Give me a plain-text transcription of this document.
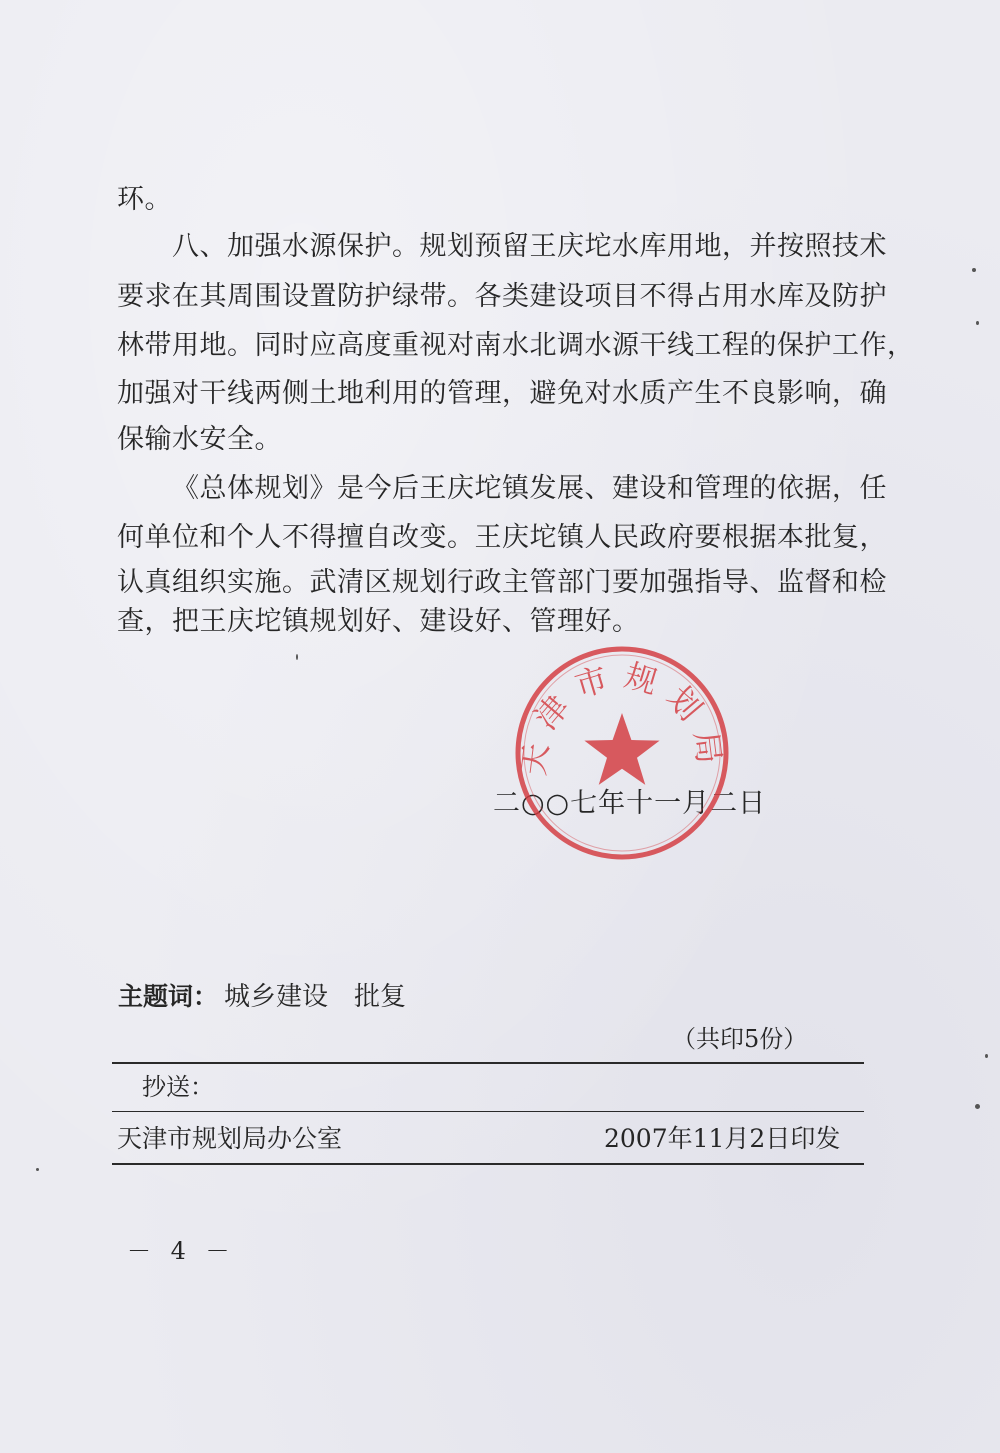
环。
八、加强水源保护。规划预留王庆坨水库用地，并按照技术
要求在其周围设置防护绿带。各类建设项目不得占用水库及防护
林带用地。同时应高度重视对南水北调水源干线工程的保护工作，
加强对干线两侧土地利用的管理，避免对水质产生不良影响，确
保输水安全。
《总体规划》是今后王庆坨镇发展、建设和管理的依据，任
何单位和个人不得擅自改变。王庆坨镇人民政府要根据本批复，
认真组织实施。武清区规划行政主管部门要加强指导、监督和检
查，把王庆坨镇规划好、建设好、管理好。
二○○七年十一月二日
天津市规划局
主题词： 城乡建设　批复
（共印5份）
抄送：
天津市规划局办公室	2007年11月2日印发
－ 4 －
